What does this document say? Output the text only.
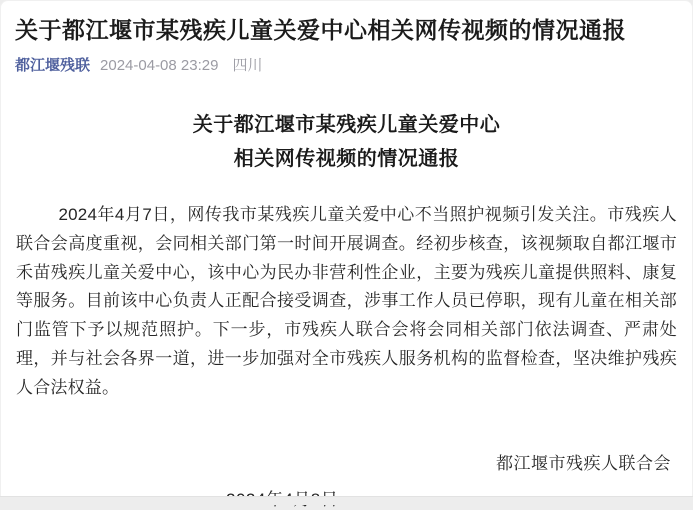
关于都江堰市某残疾儿童关爱中心相关网传视频的情况通报
都江堰残联 2024-04-08 23:29 四川
关于都江堰市某残疾儿童关爱中心
相关网传视频的情况通报

2024年4月7日，网传我市某残疾儿童关爱中心不当照护视频引发关注。市残疾人联合会高度重视，会同相关部门第一时间开展调查。经初步核查，该视频取自都江堰市禾苗残疾儿童关爱中心，该中心为民办非营利性企业，主要为残疾儿童提供照料、康复等服务。目前该中心负责人正配合接受调查，涉事工作人员已停职，现有儿童在相关部门监管下予以规范照护。下一步，市残疾人联合会将会同相关部门依法调查、严肃处理，并与社会各界一道，进一步加强对全市残疾人服务机构的监督检查，坚决维护残疾人合法权益。

都江堰市残疾人联合会
